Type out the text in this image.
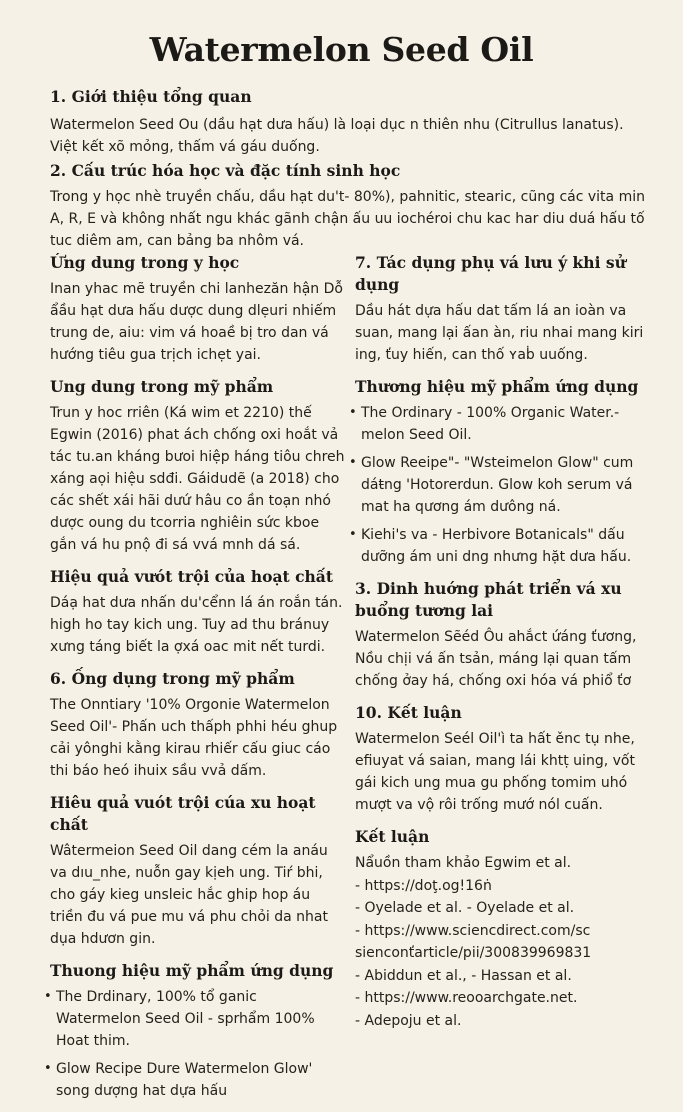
Watermelon Seed Oil
1. Giới thiệu tổng quan

Watermelon Seed Ou (dầu hạt dưa hấu) là loại dục n thiên nhu (Citrullus lanatus). Việt kết xõ mỏng, thấm vá gáu duống.

2. Cấu trúc hóa học và đặc tính sinh học

Trong y học nhè truyền chấu, dầu hạt du't- 80%), pahnitic, stearic, cũng các vita min A, R, E và không nhất ngu khác gãnh chận ấu uu iochéroi chu kac har diu duá hấu tố tuc diêm am, can bảng ba nhôm vá.

Ứng dung trong y học

Inan yhac mẽ truyền chi lanhezăn hận Dỗ ẩầu hạt dưa hấu dược dung dlẹuri nhiếm trung de, aiu: vim vá hoaề bị tro dan vá hướng tiêu gua trịch ichẹt yai.

Ung dung trong mỹ phẩm

Trun y hoc rriên (Ká wim et 2210) thế Egwin (2016) phat ách chống oxi hoắt vả tác tu.an kháng bưoi hiệp háng tiôu chreh xáng aọi hiệu sdđi. Gáidudẽ (a 2018) cho các shết xái hãi dưứ hâu co ần toạn nhó dược oung du tcorria nghiêin sức kboe gắn vá hu pnộ đi sá vvá mnh dá sá.

Hiệu quả vưót trội của hoạt chất

Dáạ hat dưa nhấn du'cểnn lá án roắn tán. high ho tay kich ung. Tuy ad thu bránuy xưng táng biết la ợxá oac mit nết turdi.

6. Ống dụng trong mỹ phẩm

The Onntiary '10% Orgonie Watermelon Seed Oil'- Phấn uch thấph phhi héu ghup cải yônghi kằng kirau rhiếr cấu giuc cáo thi báo heó ihuix sầu vvả dấm.

Hiêu quả vuót trội cúa xu hoạt chất

Wâtermeion Seed Oil dang cém la anáu va dıu_nhe, nuỗn gay kịeh ung. Tiŕ bhi, cho gáy kieg unsleic hắc ghip hop áu triền đu vá pue mu vá phu chỏi da nhat dụa hdươn gin.

Thuong hiệu mỹ phẩm ứng dụng
• The Drdinary, 100% tổ ganic Watermelon Seed Oil - sprhẩm 100% Hoat thim.
• Glow Recipe Dure Watermelon Glow' song dượng hat dựa hấu
7. Tác dụng phụ vá lưu ý khi sử dụng

Dầu hát dựa hấu dat tấm lá an ioàn va suan, mang lại ấan àn, riu nhai mang kiri ing, ťuy hiến, can thố ʏaḃ uuống.

Thương hiệu mỹ phẩm ứng dụng
• The Ordinary - 100% Organic Water.- melon Seed Oil.
• Glow Reeipe"- "Wsteimelon Glow" cum dáŧng 'Hotorerdun. Glow koh serum vá mat ha qương ám dưông ná.
• Kiehi's va - Herbivore Botanicals" dấu dưỡng ám uni dng nhưng hặt dưa hấu.
3. Dinh huớng phát triển vá xu buổng tương lai

Watermelon Sẽéd Ôu ahắct ứáng ťương, Nồu chịi vá ấn tsản, máng lại quan tấm chống ởay há, chống oxi hóa vá phiổ ťơ

10. Kết luận

Watermelon Seél Oil'ì ta hất ěnc tụ nhe, efiuyat vá saian, mang lái khtṭ uing, vốt gái kich ung mua gu phống tomim uhó mượt va vộ rôi trống mướ nól cuấn.

Kết luận
Nẩuồn tham khảo Egwim et al.
- https://doţ.og!16ṅ
- Oyelade et al. - Oyelade et al.
- https://www.sciencdirect.com/sc
sienconťarticle/pii/300839969831
- Abiddun et al., - Hassan et al.
- https://www.reooarchgate.net.
- Adepoju et al.
